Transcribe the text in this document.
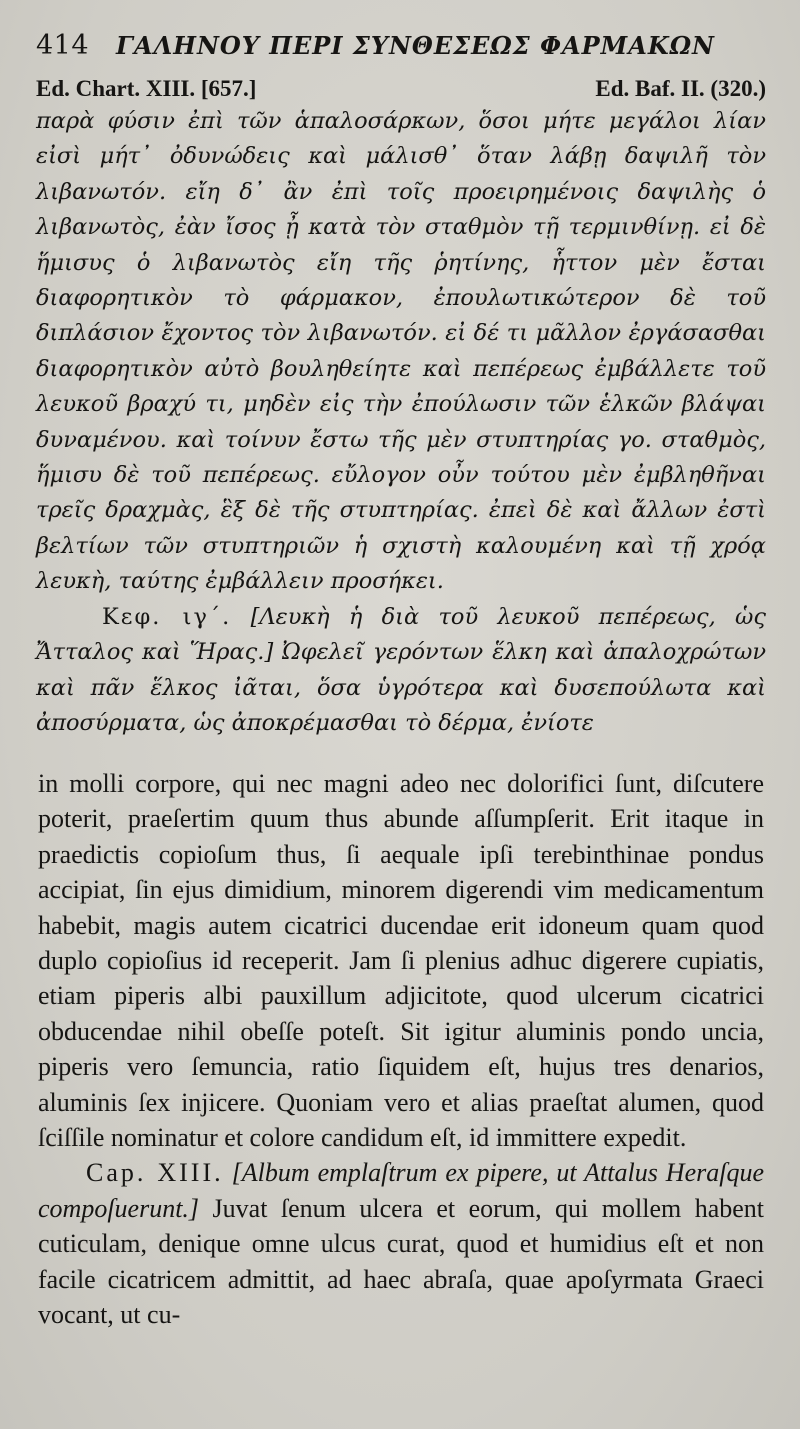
414	ΓΑΛΗΝΟΥ ΠΕΡΙ ΣΥΝΘΕΣΕΩΣ ΦΑΡΜΑΚΩΝ
Ed. Chart. XIII. [657.]	Ed. Baf. II. (320.)

παρὰ φύσιν ἐπὶ τῶν ἁπαλοσάρκων, ὅσοι μήτε μεγάλοι λίαν εἰσὶ μήτ᾽ ὀδυνώδεις καὶ μάλισθ᾽ ὅταν λάβῃ δαψιλῆ τὸν λιβανωτόν. εἴη δ᾽ ἂν ἐπὶ τοῖς προειρημένοις δαψιλὴς ὁ λιβανωτὸς, ἐὰν ἴσος ᾖ κατὰ τὸν σταθμὸν τῇ τερμινθίνῃ. εἰ δὲ ἥμισυς ὁ λιβανωτὸς εἴη τῆς ῥητίνης, ἧττον μὲν ἔσται διαφορητικὸν τὸ φάρμακον, ἐπουλωτικώτερον δὲ τοῦ διπλάσιον ἔχοντος τὸν λιβανωτόν. εἰ δέ τι μᾶλλον ἐργάσασθαι διαφορητικὸν αὐτὸ βουληθείητε καὶ πεπέρεως ἐμβάλλετε τοῦ λευκοῦ βραχύ τι, μηδὲν εἰς τὴν ἐπούλωσιν τῶν ἑλκῶν βλάψαι δυναμένου. καὶ τοίνυν ἔστω τῆς μὲν στυπτηρίας γο. σταθμὸς, ἥμισυ δὲ τοῦ πεπέρεως. εὔλογον οὖν τούτου μὲν ἐμβληθῆναι τρεῖς δραχμὰς, ἓξ δὲ τῆς στυπτηρίας. ἐπεὶ δὲ καὶ ἄλλων ἐστὶ βελτίων τῶν στυπτηριῶν ἡ σχιστὴ καλουμένη καὶ τῇ χρόᾳ λευκὴ, ταύτης ἐμβάλλειν προσήκει.

Κεφ. ιγ΄. [Λευκὴ ἡ διὰ τοῦ λευκοῦ πεπέρεως, ὡς Ἄτταλος καὶ Ἥρας.] Ὠφελεῖ γερόντων ἕλκη καὶ ἁπαλοχρώτων καὶ πᾶν ἕλκος ἰᾶται, ὅσα ὑγρότερα καὶ δυσεπούλωτα καὶ ἀποσύρματα, ὡς ἀποκρέμασθαι τὸ δέρμα, ἐνίοτε

in molli corpore, qui nec magni adeo nec dolorifici ſunt, diſcutere poterit, praeſertim quum thus abunde aſſumpſerit. Erit itaque in praedictis copioſum thus, ſi aequale ipſi terebinthinae pondus accipiat, ſin ejus dimidium, minorem digerendi vim medicamentum habebit, magis autem cicatrici ducendae erit idoneum quam quod duplo copioſius id receperit. Jam ſi plenius adhuc digerere cupiatis, etiam piperis albi pauxillum adjicitote, quod ulcerum cicatrici obducendae nihil obeſſe poteſt. Sit igitur aluminis pondo uncia, piperis vero ſemuncia, ratio ſiquidem eſt, hujus tres denarios, aluminis ſex injicere. Quoniam vero et alias praeſtat alumen, quod ſciſſile nominatur et colore candidum eſt, id immittere expedit.

Cap. XIII. [Album emplaſtrum ex pipere, ut Attalus Heraſque compoſuerunt.] Juvat ſenum ulcera et eorum, qui mollem habent cuticulam, denique omne ulcus curat, quod et humidius eſt et non facile cicatricem admittit, ad haec abraſa, quae apoſyrmata Graeci vocant, ut cu-
